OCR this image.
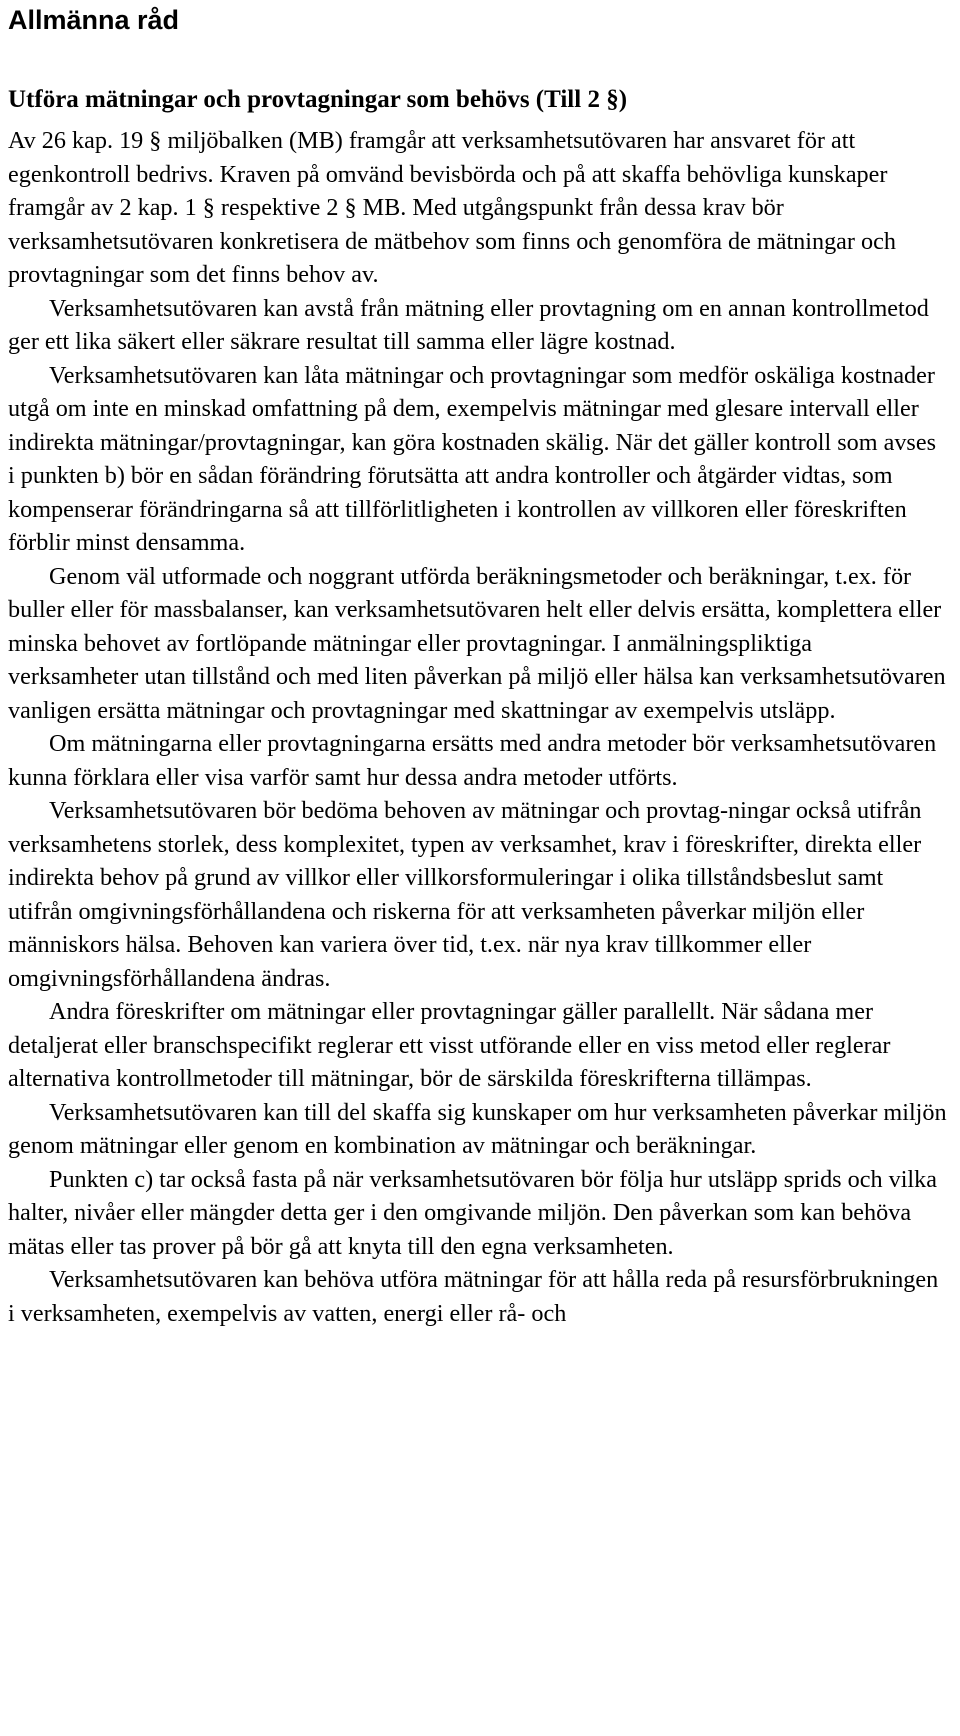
Allmänna råd
Utföra mätningar och provtagningar som behövs (Till 2 §)

Av 26 kap. 19 § miljöbalken (MB) framgår att verksamhetsutövaren har ansvaret för att egenkontroll bedrivs. Kraven på omvänd bevisbörda och på att skaffa behövliga kunskaper framgår av 2 kap. 1 § respektive 2 § MB. Med utgångspunkt från dessa krav bör verksamhetsutövaren konkretisera de mätbehov som finns och genomföra de mätningar och provtagningar som det finns behov av.

Verksamhetsutövaren kan avstå från mätning eller provtagning om en annan kontrollmetod ger ett lika säkert eller säkrare resultat till samma eller lägre kostnad.

Verksamhetsutövaren kan låta mätningar och provtagningar som medför oskäliga kostnader utgå om inte en minskad omfattning på dem, exempelvis mätningar med glesare intervall eller indirekta mätningar/provtagningar, kan göra kostnaden skälig. När det gäller kontroll som avses i punkten b) bör en sådan förändring förutsätta att andra kontroller och åtgärder vidtas, som kompenserar förändringarna så att tillförlitligheten i kontrollen av villkoren eller föreskriften förblir minst densamma.

Genom väl utformade och noggrant utförda beräkningsmetoder och beräkningar, t.ex. för buller eller för massbalanser, kan verksamhetsutövaren helt eller delvis ersätta, komplettera eller minska behovet av fortlöpande mätningar eller provtagningar. I anmälningspliktiga verksamheter utan tillstånd och med liten påverkan på miljö eller hälsa kan verksamhetsutövaren vanligen ersätta mätningar och provtagningar med skattningar av exempelvis utsläpp.

Om mätningarna eller provtagningarna ersätts med andra metoder bör verksamhetsutövaren kunna förklara eller visa varför samt hur dessa andra metoder utförts.

Verksamhetsutövaren bör bedöma behoven av mätningar och provtag-ningar också utifrån verksamhetens storlek, dess komplexitet, typen av verksamhet, krav i föreskrifter, direkta eller indirekta behov på grund av villkor eller villkorsformuleringar i olika tillståndsbeslut samt utifrån omgivningsförhållandena och riskerna för att verksamheten påverkar miljön eller människors hälsa. Behoven kan variera över tid, t.ex. när nya krav tillkommer eller omgivningsförhållandena ändras.

Andra föreskrifter om mätningar eller provtagningar gäller parallellt. När sådana mer detaljerat eller branschspecifikt reglerar ett visst utförande eller en viss metod eller reglerar alternativa kontrollmetoder till mätningar, bör de särskilda föreskrifterna tillämpas.

Verksamhetsutövaren kan till del skaffa sig kunskaper om hur verksamheten påverkar miljön genom mätningar eller genom en kombination av mätningar och beräkningar.

Punkten c) tar också fasta på när verksamhetsutövaren bör följa hur utsläpp sprids och vilka halter, nivåer eller mängder detta ger i den omgivande miljön. Den påverkan som kan behöva mätas eller tas prover på bör gå att knyta till den egna verksamheten.

Verksamhetsutövaren kan behöva utföra mätningar för att hålla reda på resursförbrukningen i verksamheten, exempelvis av vatten, energi eller rå- och
